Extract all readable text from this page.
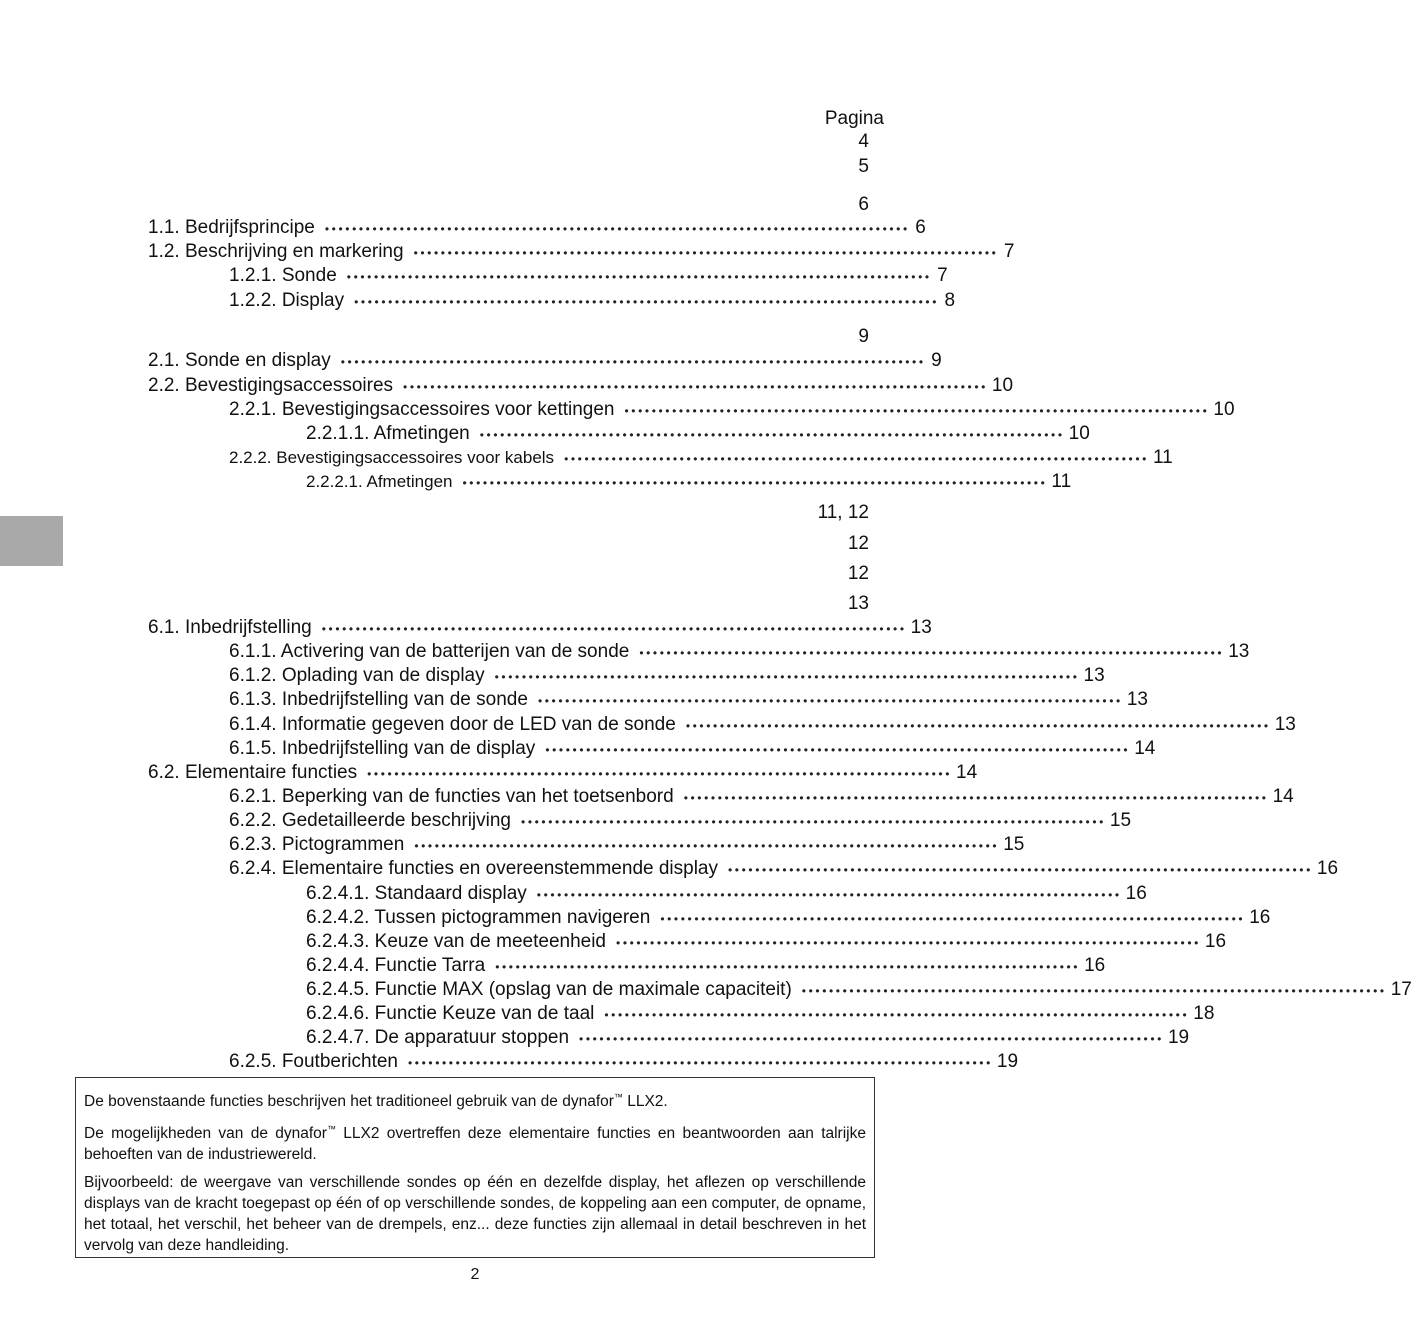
Pagina
4
5
6
9
11, 12
12
12
13
1.1. Bedrijfsprincipe •••••••••••••••••••••••••••••••••••••••••••••••••••••••••••••••••••••••••••••••••••••• 6
1.2. Beschrijving en markering •••••••••••••••••••••••••••••••••••••••••••••••••••••••••••••••••••••••••••••••••••••• 7
1.2.1. Sonde •••••••••••••••••••••••••••••••••••••••••••••••••••••••••••••••••••••••••••••••••••••• 7
1.2.2. Display •••••••••••••••••••••••••••••••••••••••••••••••••••••••••••••••••••••••••••••••••••••• 8
2.1. Sonde en display •••••••••••••••••••••••••••••••••••••••••••••••••••••••••••••••••••••••••••••••••••••• 9
2.2. Bevestigingsaccessoires •••••••••••••••••••••••••••••••••••••••••••••••••••••••••••••••••••••••••••••••••••••• 10
2.2.1. Bevestigingsaccessoires voor kettingen •••••••••••••••••••••••••••••••••••••••••••••••••••••••••••••••••••••••••••••••••••••• 10
2.2.1.1. Afmetingen •••••••••••••••••••••••••••••••••••••••••••••••••••••••••••••••••••••••••••••••••••••• 10
2.2.2. Bevestigingsaccessoires voor kabels •••••••••••••••••••••••••••••••••••••••••••••••••••••••••••••••••••••••••••••••••••••• 11
2.2.2.1. Afmetingen •••••••••••••••••••••••••••••••••••••••••••••••••••••••••••••••••••••••••••••••••••••• 11
6.1. Inbedrijfstelling •••••••••••••••••••••••••••••••••••••••••••••••••••••••••••••••••••••••••••••••••••••• 13
6.1.1. Activering van de batterijen van de sonde •••••••••••••••••••••••••••••••••••••••••••••••••••••••••••••••••••••••••••••••••••••• 13
6.1.2. Oplading van de display •••••••••••••••••••••••••••••••••••••••••••••••••••••••••••••••••••••••••••••••••••••• 13
6.1.3. Inbedrijfstelling van de sonde •••••••••••••••••••••••••••••••••••••••••••••••••••••••••••••••••••••••••••••••••••••• 13
6.1.4. Informatie gegeven door de LED van de sonde •••••••••••••••••••••••••••••••••••••••••••••••••••••••••••••••••••••••••••••••••••••• 13
6.1.5. Inbedrijfstelling van de display •••••••••••••••••••••••••••••••••••••••••••••••••••••••••••••••••••••••••••••••••••••• 14
6.2. Elementaire functies •••••••••••••••••••••••••••••••••••••••••••••••••••••••••••••••••••••••••••••••••••••• 14
6.2.1. Beperking van de functies van het toetsenbord •••••••••••••••••••••••••••••••••••••••••••••••••••••••••••••••••••••••••••••••••••••• 14
6.2.2. Gedetailleerde beschrijving •••••••••••••••••••••••••••••••••••••••••••••••••••••••••••••••••••••••••••••••••••••• 15
6.2.3. Pictogrammen •••••••••••••••••••••••••••••••••••••••••••••••••••••••••••••••••••••••••••••••••••••• 15
6.2.4. Elementaire functies en overeenstemmende display •••••••••••••••••••••••••••••••••••••••••••••••••••••••••••••••••••••••••••••••••••••• 16
6.2.4.1. Standaard display •••••••••••••••••••••••••••••••••••••••••••••••••••••••••••••••••••••••••••••••••••••• 16
6.2.4.2. Tussen pictogrammen navigeren •••••••••••••••••••••••••••••••••••••••••••••••••••••••••••••••••••••••••••••••••••••• 16
6.2.4.3. Keuze van de meeteenheid •••••••••••••••••••••••••••••••••••••••••••••••••••••••••••••••••••••••••••••••••••••• 16
6.2.4.4. Functie Tarra •••••••••••••••••••••••••••••••••••••••••••••••••••••••••••••••••••••••••••••••••••••• 16
6.2.4.5. Functie MAX (opslag van de maximale capaciteit) •••••••••••••••••••••••••••••••••••••••••••••••••••••••••••••••••••••••••••••••••••••• 17
6.2.4.6. Functie Keuze van de taal •••••••••••••••••••••••••••••••••••••••••••••••••••••••••••••••••••••••••••••••••••••• 18
6.2.4.7. De apparatuur stoppen •••••••••••••••••••••••••••••••••••••••••••••••••••••••••••••••••••••••••••••••••••••• 19
6.2.5. Foutberichten •••••••••••••••••••••••••••••••••••••••••••••••••••••••••••••••••••••••••••••••••••••• 19

De bovenstaande functies beschrijven het traditioneel gebruik van de dynafor™ LLX2.

De mogelijkheden van de dynafor™ LLX2 overtreffen deze elementaire functies en beantwoorden aan talrijke behoeften van de industriewereld.

Bijvoorbeeld: de weergave van verschillende sondes op één en dezelfde display, het aflezen op verschillende displays van de kracht toegepast op één of op verschillende sondes, de koppeling aan een computer, de opname, het totaal, het verschil, het beheer van de drempels, enz... deze functies zijn allemaal in detail beschreven in het vervolg van deze handleiding.

2
